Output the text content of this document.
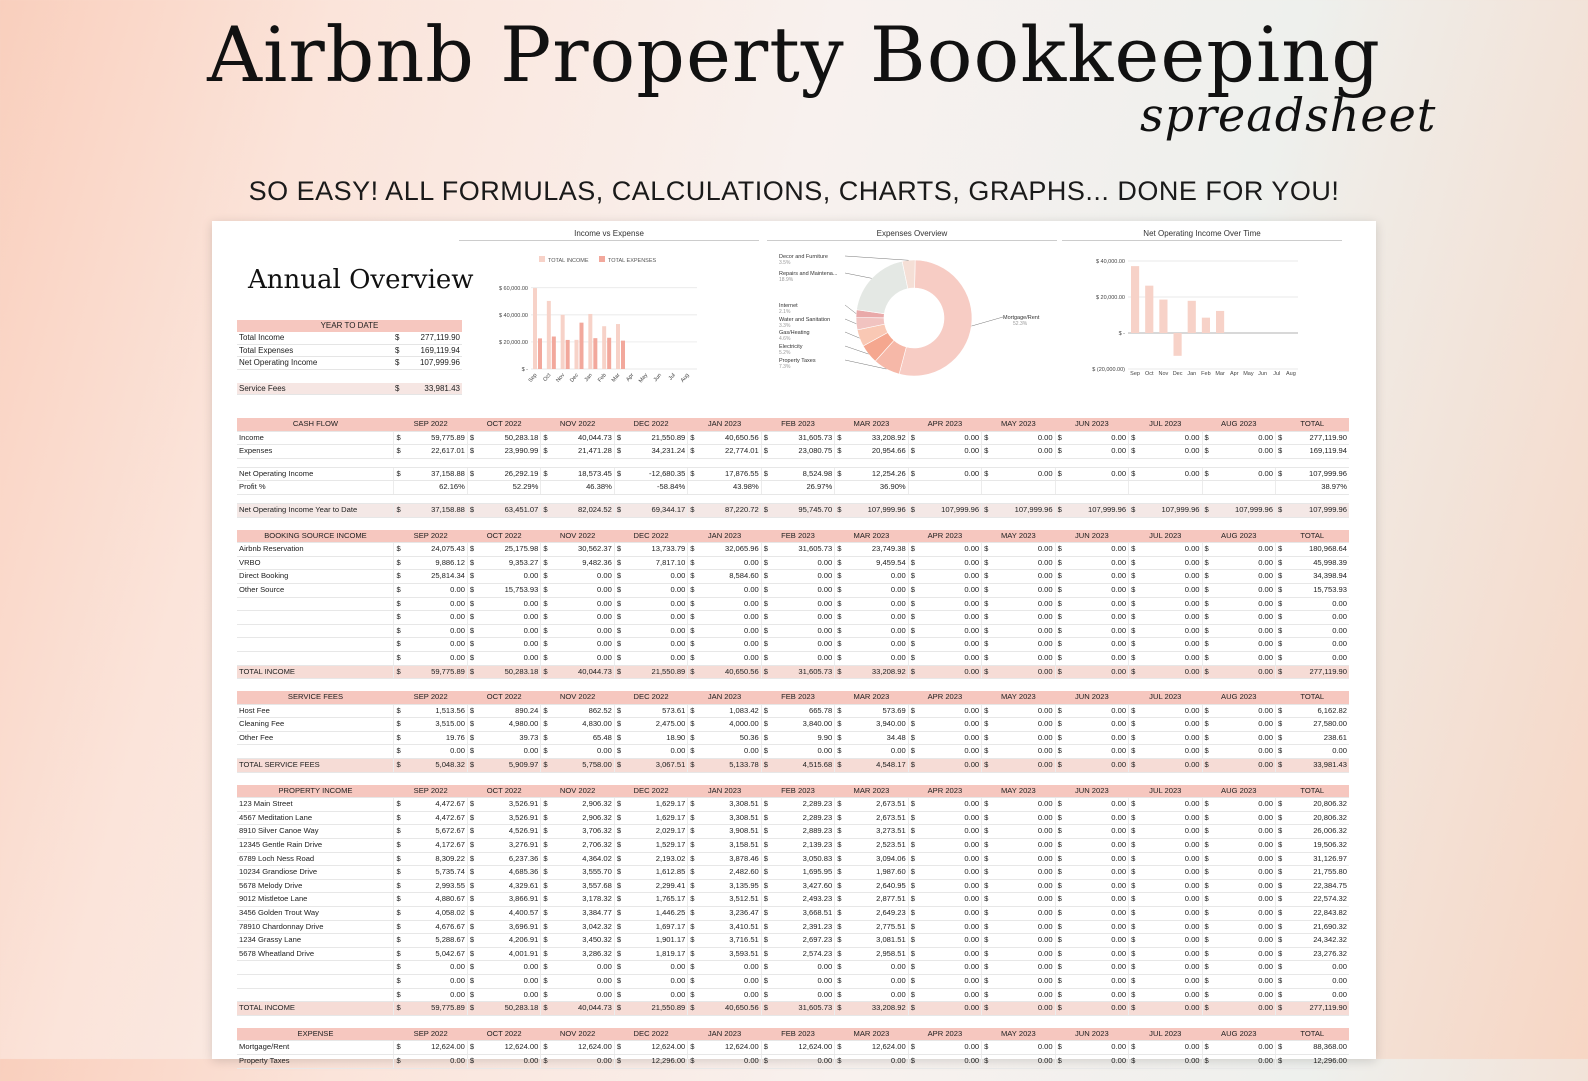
Airbnb Property Bookkeeping
spreadsheet
SO EASY! ALL FORMULAS, CALCULATIONS, CHARTS, GRAPHS... DONE FOR YOU!
Annual Overview
YEAR TO DATE
Total Income	$	277,119.90
Total Expenses	$	169,119.94
Net Operating Income	$	107,999.96
Service Fees	$	33,981.43
Income vs Expense
TOTAL INCOME	TOTAL EXPENSES
$ 60,000.00
$ 40,000.00
$ 20,000.00
$ -
Sep Oct Nov Dec Jan Feb Mar Apr May Jun Jul Aug
Expenses Overview
Mortgage/Rent
52.3%
Property Taxes
7.3%
Electricity
5.2%
Gas/Heating
4.6%
Water and Sanitation
3.3%
Internet
2.1%
Repairs and Maintena...
18.9%
Decor and Furniture
3.5%
Net Operating Income Over Time
$ 40,000.00
$ 20,000.00
$ -
$ (20,000.00)
Sep Oct Nov Dec Jan Feb Mar Apr May Jun Jul Aug
CASH FLOW	SEP 2022		OCT 2022		NOV 2022		DEC 2022		JAN 2023		FEB 2023		MAR 2023		APR 2023		MAY 2023		JUN 2023		JUL 2023		AUG 2023		TOTAL	
Income	$	59,775.89	$	50,283.18	$	40,044.73	$	21,550.89	$	40,650.56	$	31,605.73	$	33,208.92	$	0.00	$	0.00	$	0.00	$	0.00	$	0.00	$	277,119.90
Expenses	$	22,617.01	$	23,990.99	$	21,471.28	$	34,231.24	$	22,774.01	$	23,080.75	$	20,954.66	$	0.00	$	0.00	$	0.00	$	0.00	$	0.00	$	169,119.94

Net Operating Income	$	37,158.88	$	26,292.19	$	18,573.45	$	-12,680.35	$	17,876.55	$	8,524.98	$	12,254.26	$	0.00	$	0.00	$	0.00	$	0.00	$	0.00	$	107,999.96
Profit %		62.16%		52.29%		46.38%		-58.84%		43.98%		26.97%		36.90%												38.97%

Net Operating Income Year to Date	$	37,158.88	$	63,451.07	$	82,024.52	$	69,344.17	$	87,220.72	$	95,745.70	$	107,999.96	$	107,999.96	$	107,999.96	$	107,999.96	$	107,999.96	$	107,999.96	$	107,999.96
BOOKING SOURCE INCOME	SEP 2022		OCT 2022		NOV 2022		DEC 2022		JAN 2023		FEB 2023		MAR 2023		APR 2023		MAY 2023		JUN 2023		JUL 2023		AUG 2023		TOTAL	
Airbnb Reservation	$	24,075.43	$	25,175.98	$	30,562.37	$	13,733.79	$	32,065.96	$	31,605.73	$	23,749.38	$	0.00	$	0.00	$	0.00	$	0.00	$	0.00	$	180,968.64
VRBO	$	9,886.12	$	9,353.27	$	9,482.36	$	7,817.10	$	0.00	$	0.00	$	9,459.54	$	0.00	$	0.00	$	0.00	$	0.00	$	0.00	$	45,998.39
Direct Booking	$	25,814.34	$	0.00	$	0.00	$	0.00	$	8,584.60	$	0.00	$	0.00	$	0.00	$	0.00	$	0.00	$	0.00	$	0.00	$	34,398.94
Other Source	$	0.00	$	15,753.93	$	0.00	$	0.00	$	0.00	$	0.00	$	0.00	$	0.00	$	0.00	$	0.00	$	0.00	$	0.00	$	15,753.93
	$	0.00	$	0.00	$	0.00	$	0.00	$	0.00	$	0.00	$	0.00	$	0.00	$	0.00	$	0.00	$	0.00	$	0.00	$	0.00
	$	0.00	$	0.00	$	0.00	$	0.00	$	0.00	$	0.00	$	0.00	$	0.00	$	0.00	$	0.00	$	0.00	$	0.00	$	0.00
	$	0.00	$	0.00	$	0.00	$	0.00	$	0.00	$	0.00	$	0.00	$	0.00	$	0.00	$	0.00	$	0.00	$	0.00	$	0.00
	$	0.00	$	0.00	$	0.00	$	0.00	$	0.00	$	0.00	$	0.00	$	0.00	$	0.00	$	0.00	$	0.00	$	0.00	$	0.00
	$	0.00	$	0.00	$	0.00	$	0.00	$	0.00	$	0.00	$	0.00	$	0.00	$	0.00	$	0.00	$	0.00	$	0.00	$	0.00
TOTAL INCOME	$	59,775.89	$	50,283.18	$	40,044.73	$	21,550.89	$	40,650.56	$	31,605.73	$	33,208.92	$	0.00	$	0.00	$	0.00	$	0.00	$	0.00	$	277,119.90
SERVICE FEES	SEP 2022		OCT 2022		NOV 2022		DEC 2022		JAN 2023		FEB 2023		MAR 2023		APR 2023		MAY 2023		JUN 2023		JUL 2023		AUG 2023		TOTAL	
Host Fee	$	1,513.56	$	890.24	$	862.52	$	573.61	$	1,083.42	$	665.78	$	573.69	$	0.00	$	0.00	$	0.00	$	0.00	$	0.00	$	6,162.82
Cleaning Fee	$	3,515.00	$	4,980.00	$	4,830.00	$	2,475.00	$	4,000.00	$	3,840.00	$	3,940.00	$	0.00	$	0.00	$	0.00	$	0.00	$	0.00	$	27,580.00
Other Fee	$	19.76	$	39.73	$	65.48	$	18.90	$	50.36	$	9.90	$	34.48	$	0.00	$	0.00	$	0.00	$	0.00	$	0.00	$	238.61
	$	0.00	$	0.00	$	0.00	$	0.00	$	0.00	$	0.00	$	0.00	$	0.00	$	0.00	$	0.00	$	0.00	$	0.00	$	0.00
TOTAL SERVICE FEES	$	5,048.32	$	5,909.97	$	5,758.00	$	3,067.51	$	5,133.78	$	4,515.68	$	4,548.17	$	0.00	$	0.00	$	0.00	$	0.00	$	0.00	$	33,981.43
PROPERTY INCOME	SEP 2022		OCT 2022		NOV 2022		DEC 2022		JAN 2023		FEB 2023		MAR 2023		APR 2023		MAY 2023		JUN 2023		JUL 2023		AUG 2023		TOTAL	
123 Main Street	$	4,472.67	$	3,526.91	$	2,906.32	$	1,629.17	$	3,308.51	$	2,289.23	$	2,673.51	$	0.00	$	0.00	$	0.00	$	0.00	$	0.00	$	20,806.32
4567 Meditation Lane	$	4,472.67	$	3,526.91	$	2,906.32	$	1,629.17	$	3,308.51	$	2,289.23	$	2,673.51	$	0.00	$	0.00	$	0.00	$	0.00	$	0.00	$	20,806.32
8910 Silver Canoe Way	$	5,672.67	$	4,526.91	$	3,706.32	$	2,029.17	$	3,908.51	$	2,889.23	$	3,273.51	$	0.00	$	0.00	$	0.00	$	0.00	$	0.00	$	26,006.32
12345 Gentle Rain Drive	$	4,172.67	$	3,276.91	$	2,706.32	$	1,529.17	$	3,158.51	$	2,139.23	$	2,523.51	$	0.00	$	0.00	$	0.00	$	0.00	$	0.00	$	19,506.32
6789 Loch Ness Road	$	8,309.22	$	6,237.36	$	4,364.02	$	2,193.02	$	3,878.46	$	3,050.83	$	3,094.06	$	0.00	$	0.00	$	0.00	$	0.00	$	0.00	$	31,126.97
10234 Grandiose Drive	$	5,735.74	$	4,685.36	$	3,555.70	$	1,612.85	$	2,482.60	$	1,695.95	$	1,987.60	$	0.00	$	0.00	$	0.00	$	0.00	$	0.00	$	21,755.80
5678 Melody Drive	$	2,993.55	$	4,329.61	$	3,557.68	$	2,299.41	$	3,135.95	$	3,427.60	$	2,640.95	$	0.00	$	0.00	$	0.00	$	0.00	$	0.00	$	22,384.75
9012 Mistletoe Lane	$	4,880.67	$	3,866.91	$	3,178.32	$	1,765.17	$	3,512.51	$	2,493.23	$	2,877.51	$	0.00	$	0.00	$	0.00	$	0.00	$	0.00	$	22,574.32
3456 Golden Trout Way	$	4,058.02	$	4,400.57	$	3,384.77	$	1,446.25	$	3,236.47	$	3,668.51	$	2,649.23	$	0.00	$	0.00	$	0.00	$	0.00	$	0.00	$	22,843.82
78910 Chardonnay Drive	$	4,676.67	$	3,696.91	$	3,042.32	$	1,697.17	$	3,410.51	$	2,391.23	$	2,775.51	$	0.00	$	0.00	$	0.00	$	0.00	$	0.00	$	21,690.32
1234 Grassy Lane	$	5,288.67	$	4,206.91	$	3,450.32	$	1,901.17	$	3,716.51	$	2,697.23	$	3,081.51	$	0.00	$	0.00	$	0.00	$	0.00	$	0.00	$	24,342.32
5678 Wheatland Drive	$	5,042.67	$	4,001.91	$	3,286.32	$	1,819.17	$	3,593.51	$	2,574.23	$	2,958.51	$	0.00	$	0.00	$	0.00	$	0.00	$	0.00	$	23,276.32
	$	0.00	$	0.00	$	0.00	$	0.00	$	0.00	$	0.00	$	0.00	$	0.00	$	0.00	$	0.00	$	0.00	$	0.00	$	0.00
	$	0.00	$	0.00	$	0.00	$	0.00	$	0.00	$	0.00	$	0.00	$	0.00	$	0.00	$	0.00	$	0.00	$	0.00	$	0.00
	$	0.00	$	0.00	$	0.00	$	0.00	$	0.00	$	0.00	$	0.00	$	0.00	$	0.00	$	0.00	$	0.00	$	0.00	$	0.00
TOTAL INCOME	$	59,775.89	$	50,283.18	$	40,044.73	$	21,550.89	$	40,650.56	$	31,605.73	$	33,208.92	$	0.00	$	0.00	$	0.00	$	0.00	$	0.00	$	277,119.90
EXPENSE	SEP 2022		OCT 2022		NOV 2022		DEC 2022		JAN 2023		FEB 2023		MAR 2023		APR 2023		MAY 2023		JUN 2023		JUL 2023		AUG 2023		TOTAL	
Mortgage/Rent	$	12,624.00	$	12,624.00	$	12,624.00	$	12,624.00	$	12,624.00	$	12,624.00	$	12,624.00	$	0.00	$	0.00	$	0.00	$	0.00	$	0.00	$	88,368.00
Property Taxes	$	0.00	$	0.00	$	0.00	$	12,296.00	$	0.00	$	0.00	$	0.00	$	0.00	$	0.00	$	0.00	$	0.00	$	0.00	$	12,296.00
